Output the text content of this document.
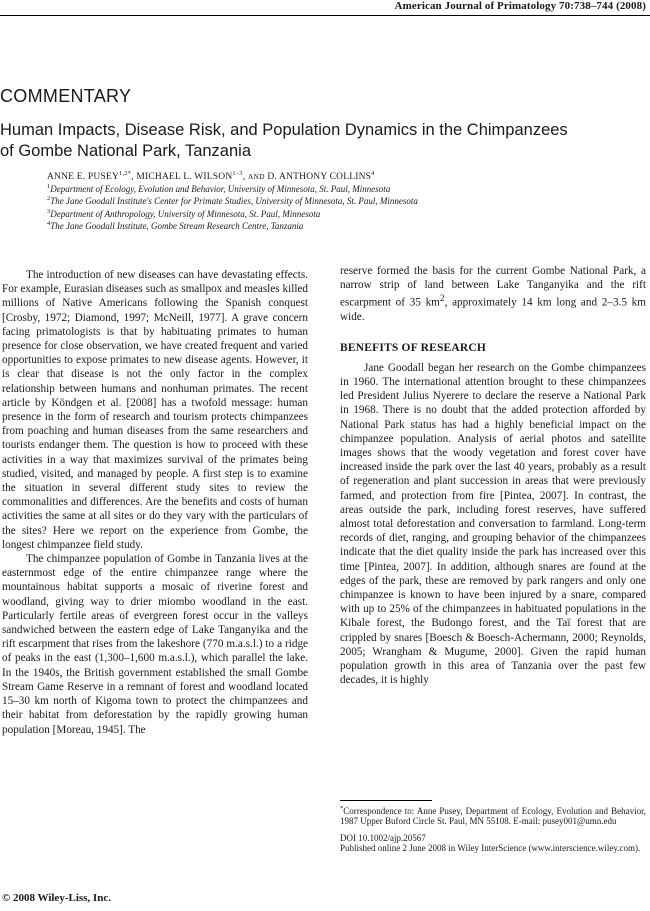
American Journal of Primatology 70:738–744 (2008)
COMMENTARY
Human Impacts, Disease Risk, and Population Dynamics in the Chimpanzees
of Gombe National Park, Tanzania
ANNE E. $PUSEY^{1,2*}$, MICHAEL L. WILSON$^{1-3}$, AND D. ANTHONY COLLINS$^4$
$^1$Department of Ecology, Evolution and Behavior, University of Minnesota, St. Paul, Minnesota
$^2$The Jane Goodall Institute's Center for Primate Studies, University of Minnesota, St. Paul, Minnesota
$^3$Department of Anthropology, University of Minnesota, St. Paul, Minnesota
$^4$The Jane Goodall Institute, Gombe Stream Research Centre, Tanzania

The introduction of new diseases can have devastating effects. For example, Eurasian diseases such as smallpox and measles killed millions of Native Americans following the Spanish conquest [Crosby, 1972; Diamond, 1997; McNeill, 1977]. A grave concern facing primatologists is that by habituating primates to human presence for close observation, we have created frequent and varied opportunities to expose primates to new disease agents. However, it is clear that disease is not the only factor in the complex relationship between humans and nonhuman primates. The recent article by Köndgen et al. [2008] has a twofold message: human presence in the form of research and tourism protects chimpanzees from poaching and human diseases from the same researchers and tourists endanger them. The question is how to proceed with these activities in a way that maximizes survival of the primates being studied, visited, and managed by people. A first step is to examine the situation in several different study sites to review the commonalities and differences. Are the benefits and costs of human activities the same at all sites or do they vary with the particulars of the sites? Here we report on the experience from Gombe, the longest chimpanzee field study.

The chimpanzee population of Gombe in Tanzania lives at the easternmost edge of the entire chimpanzee range where the mountainous habitat supports a mosaic of riverine forest and woodland, giving way to drier miombo woodland in the east. Particularly fertile areas of evergreen forest occur in the valleys sandwiched between the eastern edge of Lake Tanganyika and the rift escarpment that rises from the lakeshore (770 m.a.s.l.) to a ridge of peaks in the east (1,300–1,600 m.a.s.l.), which parallel the lake. In the 1940s, the British government established the small Gombe Stream Game Reserve in a remnant of forest and woodland located 15–30 km north of Kigoma town to protect the chimpanzees and their habitat from deforestation by the rapidly growing human population [Moreau, 1945]. The

reserve formed the basis for the current Gombe National Park, a narrow strip of land between Lake Tanganyika and the rift escarpment of 35 $km^2$, approximately 14 km long and 2–3.5 km wide.

BENEFITS OF RESEARCH

Jane Goodall began her research on the Gombe chimpanzees in 1960. The international attention brought to these chimpanzees led President Julius Nyerere to declare the reserve a National Park in 1968. There is no doubt that the added protection afforded by National Park status has had a highly beneficial impact on the chimpanzee population. Analysis of aerial photos and satellite images shows that the woody vegetation and forest cover have increased inside the park over the last 40 years, probably as a result of regeneration and plant succession in areas that were previously farmed, and protection from fire [Pintea, 2007]. In contrast, the areas outside the park, including forest reserves, have suffered almost total deforestation and conversation to farmland. Long-term records of diet, ranging, and grouping behavior of the chimpanzees indicate that the diet quality inside the park has increased over this time [Pintea, 2007]. In addition, although snares are found at the edges of the park, these are removed by park rangers and only one chimpanzee is known to have been injured by a snare, compared with up to 25% of the chimpanzees in habituated populations in the Kibale forest, the Budongo forest, and the Taï forest that are crippled by snares [Boesch & Boesch-Achermann, 2000; Reynolds, 2005; Wrangham & Mugume, 2000]. Given the rapid human population growth in this area of Tanzania over the past few decades, it is highly

*Correspondence to: Anne Pusey, Department of Ecology, Evolution and Behavior, 1987 Upper Buford Circle St. Paul, MN 55108. E-mail: pusey001@umn.edu

DOI 10.1002/ajp.20567

Published online 2 June 2008 in Wiley InterScience (www.interscience.wiley.com).

© 2008 Wiley-Liss, Inc.
